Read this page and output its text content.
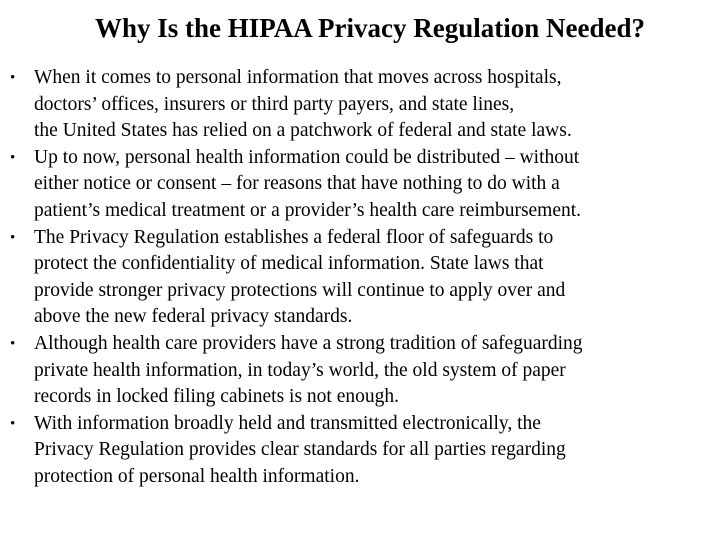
Why Is the HIPAA Privacy Regulation Needed?
• When it comes to personal information that moves across hospitals,
doctors’ offices, insurers or third party payers, and state lines,
the United States has relied on a patchwork of federal and state laws.
• Up to now, personal health information could be distributed – without
either notice or consent – for reasons that have nothing to do with a
patient’s medical treatment or a provider’s health care reimbursement.
• The Privacy Regulation establishes a federal floor of safeguards to
protect the confidentiality of medical information. State laws that
provide stronger privacy protections will continue to apply over and
above the new federal privacy standards.
• Although health care providers have a strong tradition of safeguarding
private health information, in today’s world, the old system of paper
records in locked filing cabinets is not enough.
• With information broadly held and transmitted electronically, the
Privacy Regulation provides clear standards for all parties regarding
protection of personal health information.
